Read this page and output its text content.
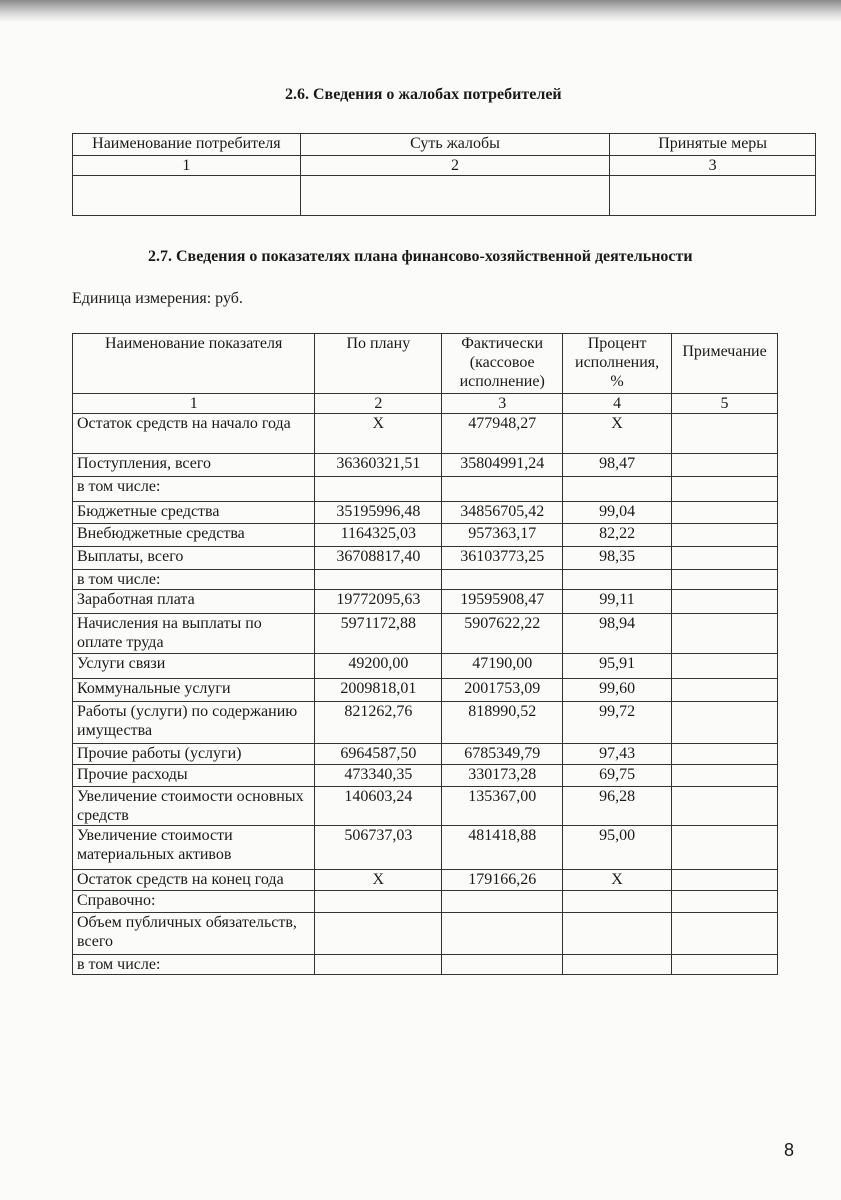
2.6. Сведения о жалобах потребителей
Наименование потребителя	Суть жалобы	Принятые меры
1	2	3

2.7. Сведения о показателях плана финансово-хозяйственной деятельности
Единица измерения: руб.
Наименование показателя	По плану	Фактически (кассовое исполнение)	Процент исполнения, %	Примечание
1	2	3	4	5
Остаток средств на начало года	X	477948,27	X	
Поступления, всего	36360321,51	35804991,24	98,47	
в том числе:				
Бюджетные средства	35195996,48	34856705,42	99,04	
Внебюджетные средства	1164325,03	957363,17	82,22	
Выплаты, всего	36708817,40	36103773,25	98,35	
в том числе:				
Заработная плата	19772095,63	19595908,47	99,11	
Начисления на выплаты по оплате труда	5971172,88	5907622,22	98,94	
Услуги связи	49200,00	47190,00	95,91	
Коммунальные услуги	2009818,01	2001753,09	99,60	
Работы (услуги) по содержанию имущества	821262,76	818990,52	99,72	
Прочие работы (услуги)	6964587,50	6785349,79	97,43	
Прочие расходы	473340,35	330173,28	69,75	
Увеличение стоимости основных средств	140603,24	135367,00	96,28	
Увеличение стоимости материальных активов	506737,03	481418,88	95,00	
Остаток средств на конец года	X	179166,26	X	
Справочно:				
Объем публичных обязательств, всего				
в том числе:				
8
